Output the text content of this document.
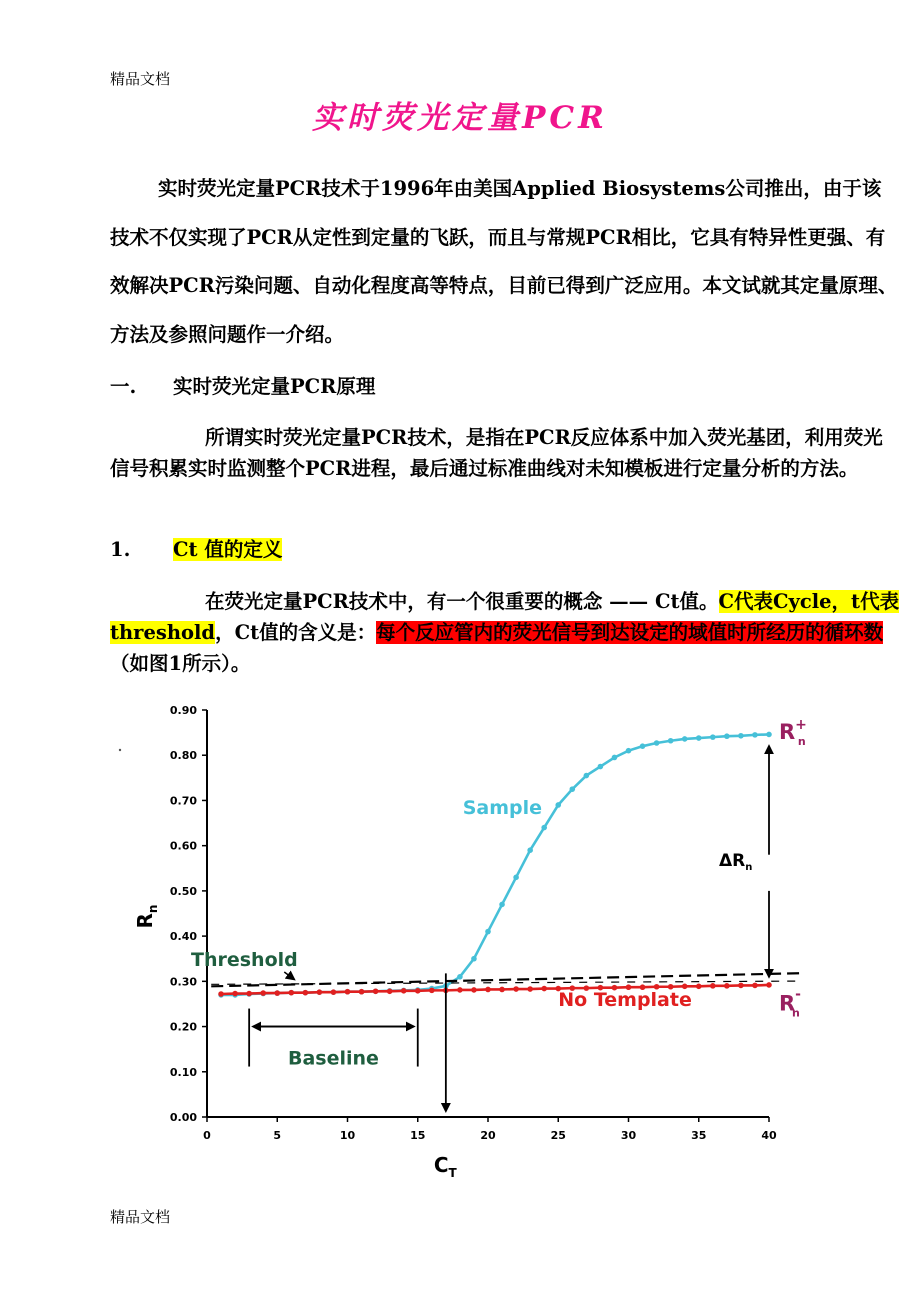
精品文档
实时荧光定量PCR
实时荧光定量PCR技术于1996年由美国Applied Biosystems公司推出，由于该技术不仅实现了PCR从定性到定量的飞跃，而且与常规PCR相比，它具有特异性更强、有效解决PCR污染问题、自动化程度高等特点，目前已得到广泛应用。本文试就其定量原理、方法及参照问题作一介绍。
一. 实时荧光定量PCR原理
所谓实时荧光定量PCR技术，是指在PCR反应体系中加入荧光基团，利用荧光信号积累实时监测整个PCR进程，最后通过标准曲线对未知模板进行定量分析的方法。
1. Ct 值的定义
在荧光定量PCR技术中，有一个很重要的概念 —— Ct值。C代表Cycle，t代表threshold，Ct值的含义是：每个反应管内的荧光信号到达设定的域值时所经历的循环数（如图1所示）。
0.00
0.10
0.20
0.30
0.40
0.50
0.60
0.70
0.80
0.90
0	5	10	15	20	25	30	35	40
$R_n$
$C_T$
Baseline
Threshold
Sample
No Template
$\Delta R_n$
R+ n
R-n
精品文档
